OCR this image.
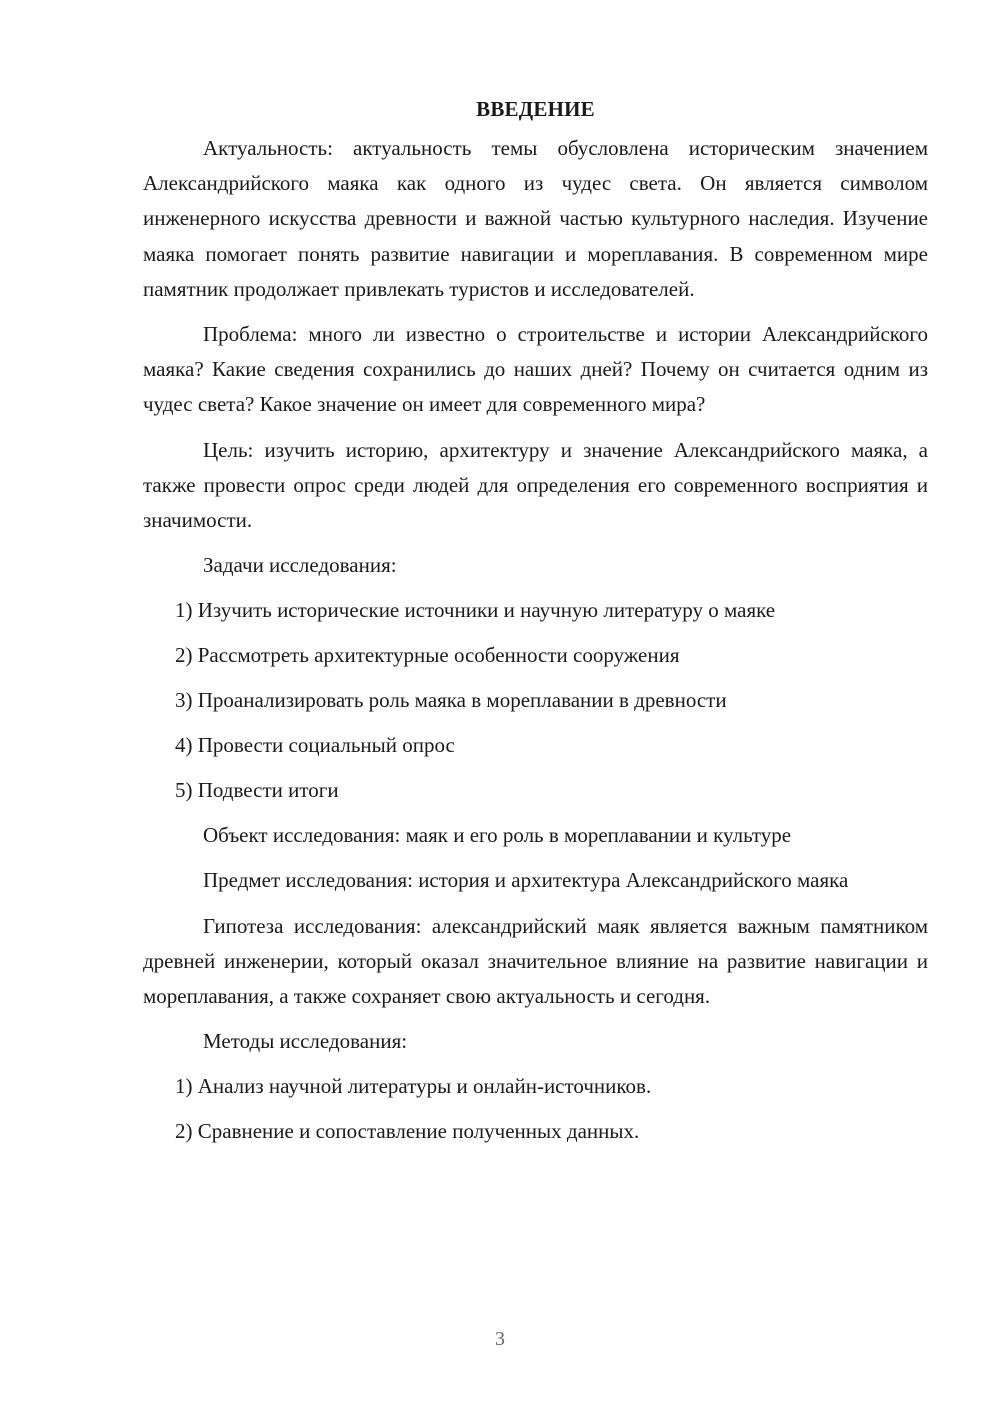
ВВЕДЕНИЕ

Актуальность: актуальность темы обусловлена историческим значением Александрийского маяка как одного из чудес света. Он является символом инженерного искусства древности и важной частью культурного наследия. Изучение маяка помогает понять развитие навигации и мореплавания. В современном мире памятник продолжает привлекать туристов и исследователей.

Проблема: много ли известно о строительстве и истории Александрийского маяка? Какие сведения сохранились до наших дней? Почему он считается одним из чудес света? Какое значение он имеет для современного мира?

Цель: изучить историю, архитектуру и значение Александрийского маяка, а также провести опрос среди людей для определения его современного восприятия и значимости.

Задачи исследования:

1) Изучить исторические источники и научную литературу о маяке
2) Рассмотреть архитектурные особенности сооружения
3) Проанализировать роль маяка в мореплавании в древности
4) Провести социальный опрос
5) Подвести итоги

Объект исследования: маяк и его роль в мореплавании и культуре

Предмет исследования: история и архитектура Александрийского маяка

Гипотеза исследования: александрийский маяк является важным памятником древней инженерии, который оказал значительное влияние на развитие навигации и мореплавания, а также сохраняет свою актуальность и сегодня.

Методы исследования:

1) Анализ научной литературы и онлайн-источников.
2) Сравнение и сопоставление полученных данных.
3
